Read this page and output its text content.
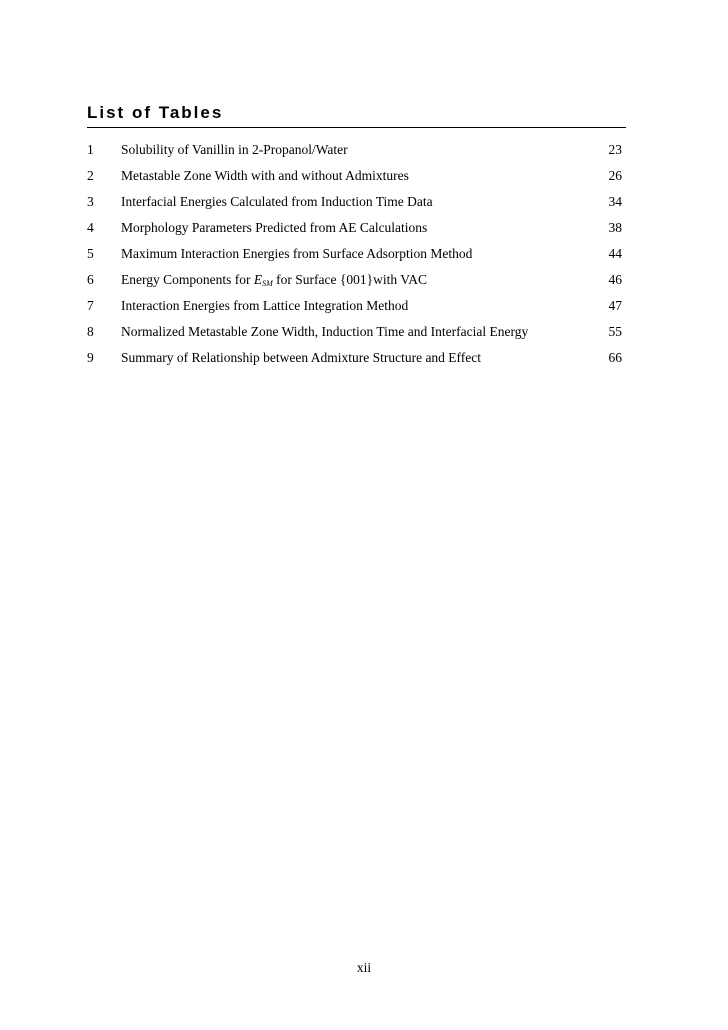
List of Tables
1 Solubility of Vanillin in 2-Propanol/Water	23
2 Metastable Zone Width with and without Admixtures	26
3 Interfacial Energies Calculated from Induction Time Data	34
4 Morphology Parameters Predicted from AE Calculations	38
5 Maximum Interaction Energies from Surface Adsorption Method	44
6 Energy Components for $E_{SM}$ for Surface {001}with VAC	46
7 Interaction Energies from Lattice Integration Method	47
8 Normalized Metastable Zone Width, Induction Time and Interfacial Energy	55
9 Summary of Relationship between Admixture Structure and Effect	66
xii
